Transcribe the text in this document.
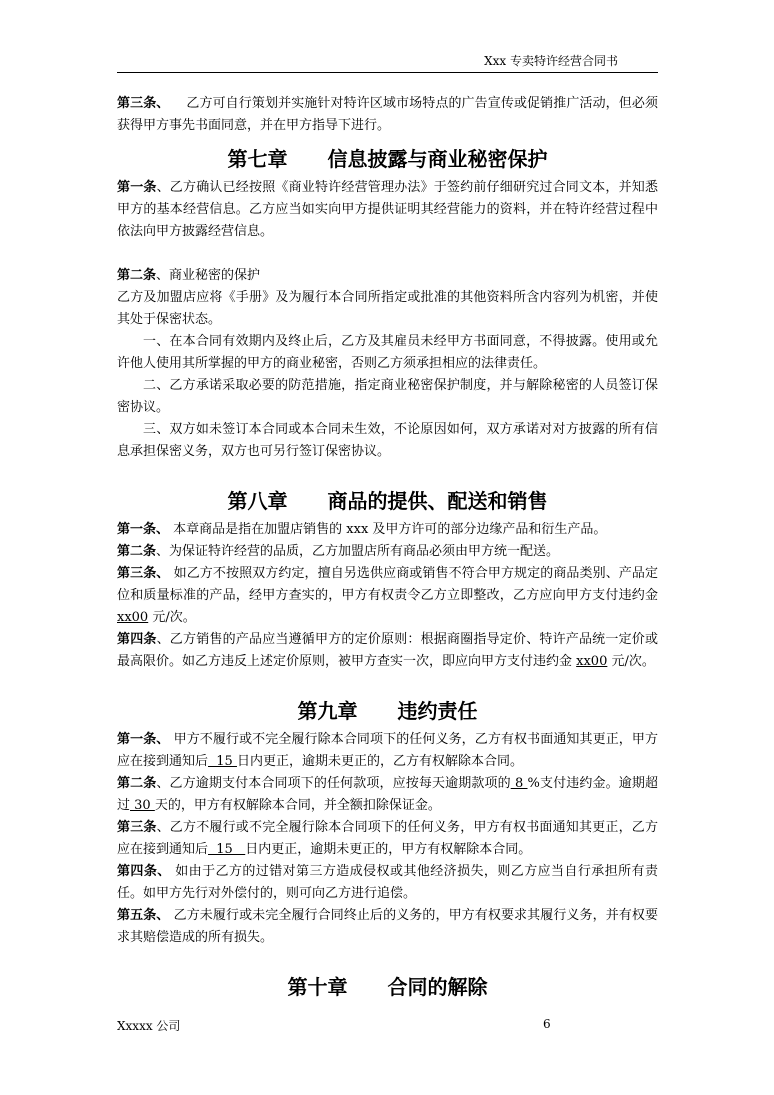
Xxx 专卖特许经营合同书

第三条、 乙方可自行策划并实施针对特许区域市场特点的广告宣传或促销推广活动，但必须获得甲方事先书面同意，并在甲方指导下进行。

第七章 信息披露与商业秘密保护

第一条、乙方确认已经按照《商业特许经营管理办法》于签约前仔细研究过合同文本，并知悉甲方的基本经营信息。乙方应当如实向甲方提供证明其经营能力的资料，并在特许经营过程中依法向甲方披露经营信息。

第二条、商业秘密的保护

乙方及加盟店应将《手册》及为履行本合同所指定或批准的其他资料所含内容列为机密，并使其处于保密状态。

一、在本合同有效期内及终止后，乙方及其雇员未经甲方书面同意，不得披露。使用或允许他人使用其所掌握的甲方的商业秘密，否则乙方须承担相应的法律责任。

二、乙方承诺采取必要的防范措施，指定商业秘密保护制度，并与解除秘密的人员签订保密协议。

三、双方如未签订本合同或本合同未生效，不论原因如何，双方承诺对对方披露的所有信息承担保密义务，双方也可另行签订保密协议。

第八章 商品的提供、配送和销售

第一条、 本章商品是指在加盟店销售的 xxx 及甲方许可的部分边缘产品和衍生产品。

第二条、为保证特许经营的品质，乙方加盟店所有商品必须由甲方统一配送。

第三条、 如乙方不按照双方约定，擅自另选供应商或销售不符合甲方规定的商品类别、产品定位和质量标准的产品，经甲方查实的，甲方有权责令乙方立即整改，乙方应向甲方支付违约金 xx00 元/次。

第四条、乙方销售的产品应当遵循甲方的定价原则：根据商圈指导定价、特许产品统一定价或最高限价。如乙方违反上述定价原则，被甲方查实一次，即应向甲方支付违约金 xx00 元/次。

第九章 违约责任

第一条、 甲方不履行或不完全履行除本合同项下的任何义务，乙方有权书面通知其更正，甲方应在接到通知后  15 日内更正，逾期未更正的，乙方有权解除本合同。

第二条、乙方逾期支付本合同项下的任何款项，应按每天逾期款项的 8 %支付违约金。逾期超过 30 天的，甲方有权解除本合同，并全额扣除保证金。

第三条、乙方不履行或不完全履行除本合同项下的任何义务，甲方有权书面通知其更正，乙方应在接到通知后  15   日内更正，逾期未更正的，甲方有权解除本合同。

第四条、 如由于乙方的过错对第三方造成侵权或其他经济损失，则乙方应当自行承担所有责任。如甲方先行对外偿付的，则可向乙方进行追偿。

第五条、 乙方未履行或未完全履行合同终止后的义务的，甲方有权要求其履行义务，并有权要求其赔偿造成的所有损失。

第十章 合同的解除
Xxxxx 公司	6
